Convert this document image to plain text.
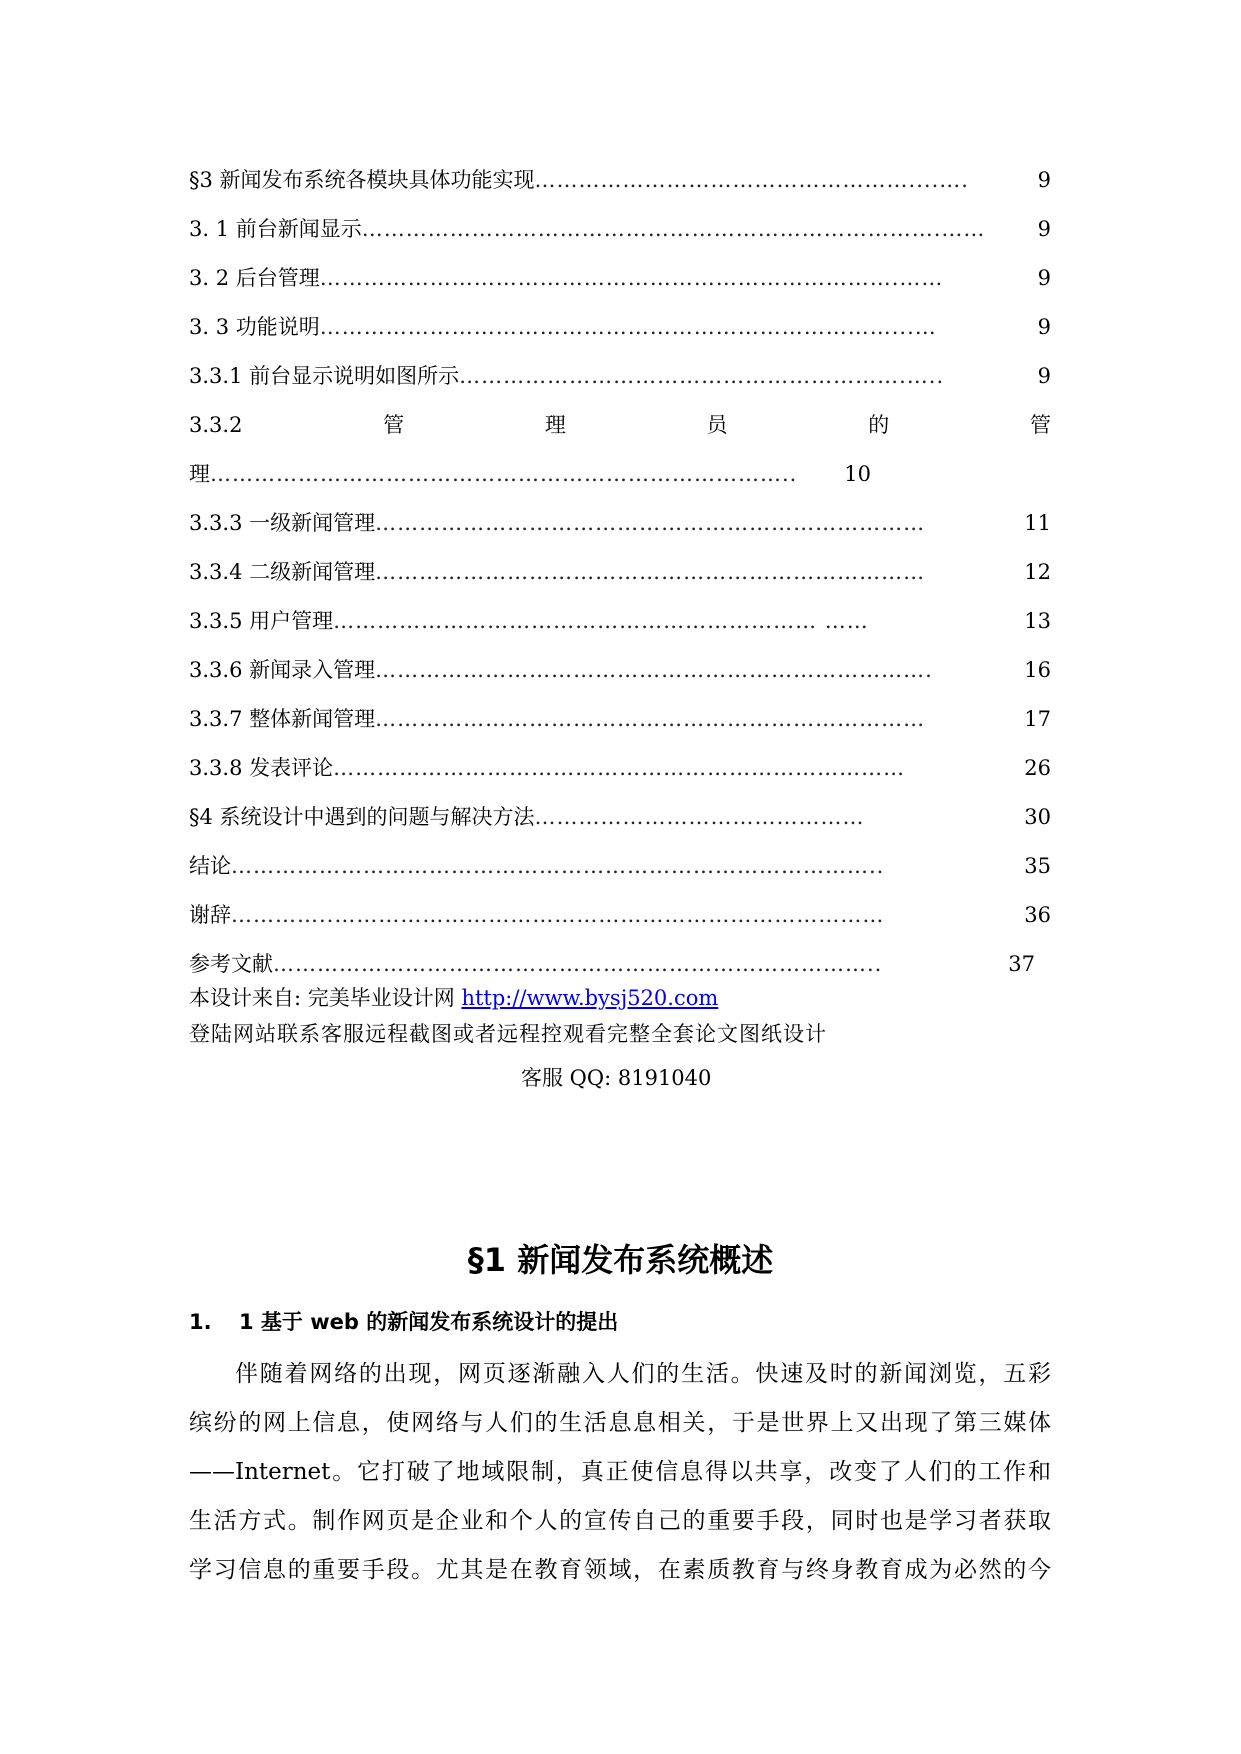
§3 新闻发布系统各模块具体功能实现 ……………………………………………....….	9
3. 1 前台新闻显示 …………………………………………………………………….……	9
3. 2 后台管理 …………………………………………………………………….……	9
3. 3 功能说明 ……………………………………………………………………...…	9
3.3.1 前台显示说明如图所示 …………………………………………………….…..	9
3.3.2	管	理	员	的	管
理 ……………………………………………………………………..	10
3.3.3 一级新闻管理 …………………………………………………………………	11
3.3.4 二级新闻管理 …………………………………………………………………	12
3.3.5 用户管理 ………………………………………………………… ……	13
3.3.6 新闻录入管理 ………………………………………………………………….	16
3.3.7 整体新闻管理 …………………………………………………………………	17
3.3.8 发表评论 ……………………………………………………………………	26
§4 系统设计中遇到的问题与解决方法 ………………………………………	30
结论 ……………………………………………………………………………..	35
谢辞 …………..…………………………………………………………………	36
参考文献 ………………………………………………………………………..	37
本设计来自: 完美毕业设计网 http://www.bysj520.com
登陆网站联系客服远程截图或者远程控观看完整全套论文图纸设计
客服 QQ: 8191040
§1 新闻发布系统概述
1. 1 基于 web 的新闻发布系统设计的提出
伴随着网络的出现，网页逐渐融入人们的生活。快速及时的新闻浏览，五彩
缤纷的网上信息，使网络与人们的生活息息相关，于是世界上又出现了第三媒体
——Internet。它打破了地域限制，真正使信息得以共享，改变了人们的工作和
生活方式。制作网页是企业和个人的宣传自己的重要手段，同时也是学习者获取
学习信息的重要手段。尤其是在教育领域，在素质教育与终身教育成为必然的今
